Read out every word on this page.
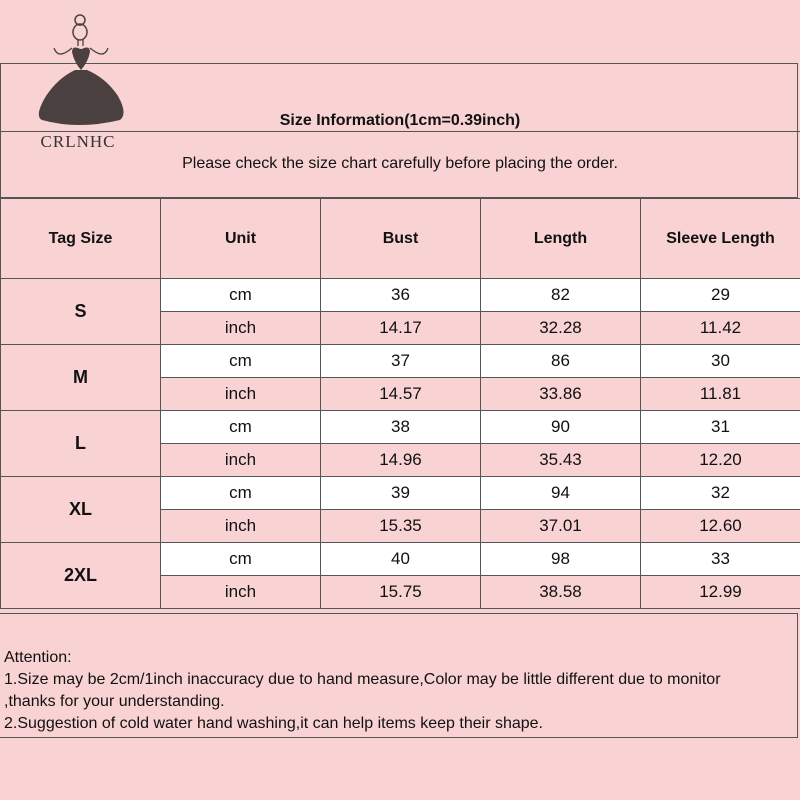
CRLNHC
Size Information(1cm=0.39inch)
Please check the size chart carefully before placing the order.
Tag Size	Unit	Bust	Length	Sleeve Length
S	cm	36	82	29
	inch	14.17	32.28	11.42
M	cm	37	86	30
	inch	14.57	33.86	11.81
L	cm	38	90	31
	inch	14.96	35.43	12.20
XL	cm	39	94	32
	inch	15.35	37.01	12.60
2XL	cm	40	98	33
	inch	15.75	38.58	12.99
Attention:
1.Size may be 2cm/1inch inaccuracy due to hand measure,Color may be little different due to monitor
,thanks for your understanding.
2.Suggestion of cold water hand washing,it can help items keep their shape.
